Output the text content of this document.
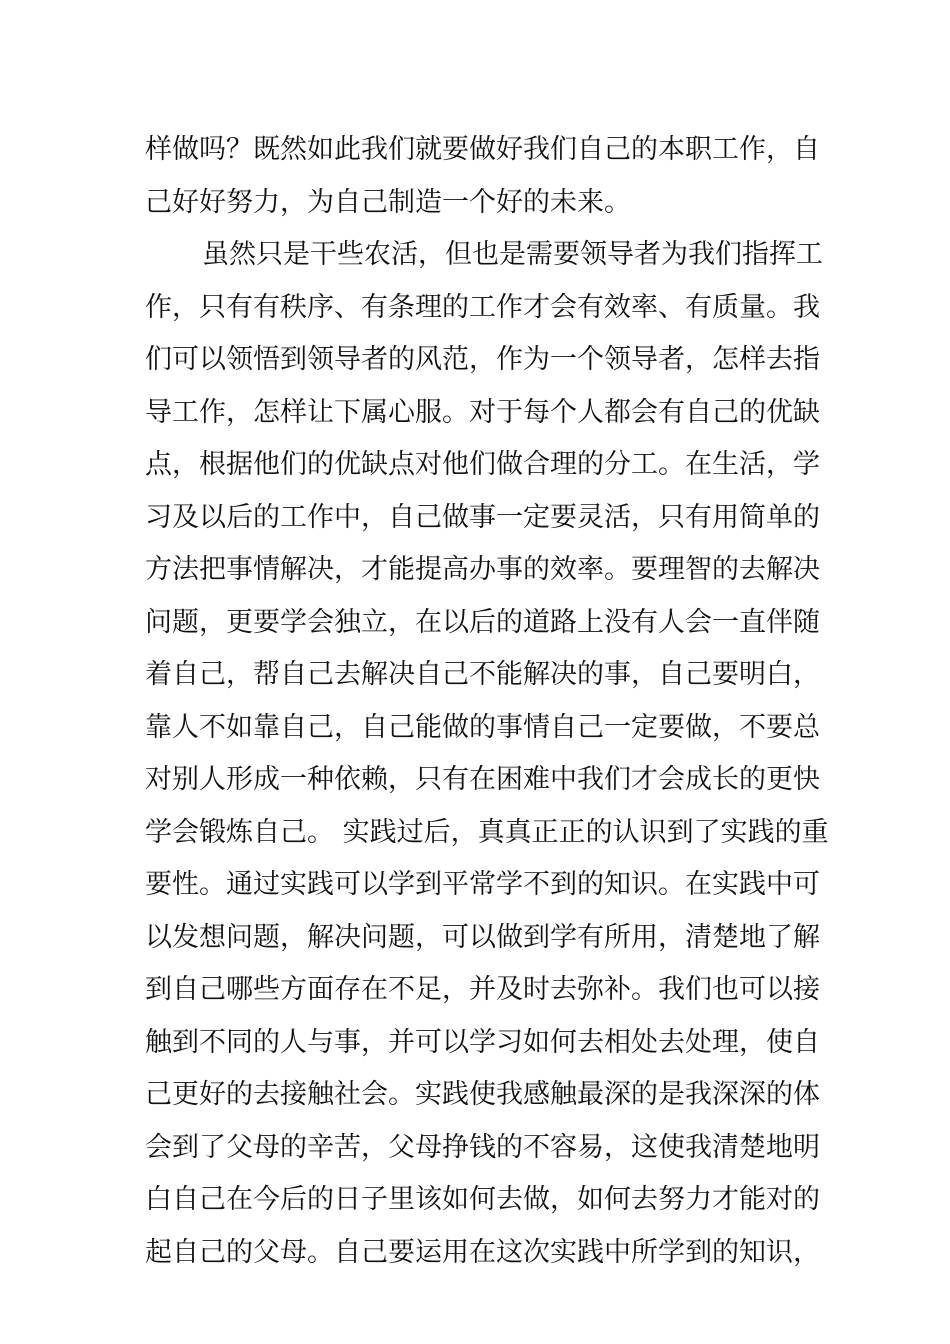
样做吗？既然如此我们就要做好我们自己的本职工作，自
己好好努力，为自己制造一个好的未来。
虽然只是干些农活，但也是需要领导者为我们指挥工
作，只有有秩序、有条理的工作才会有效率、有质量。我
们可以领悟到领导者的风范，作为一个领导者，怎样去指
导工作，怎样让下属心服。对于每个人都会有自己的优缺
点，根据他们的优缺点对他们做合理的分工。在生活，学
习及以后的工作中，自己做事一定要灵活，只有用简单的
方法把事情解决，才能提高办事的效率。要理智的去解决
问题，更要学会独立，在以后的道路上没有人会一直伴随
着自己，帮自己去解决自己不能解决的事，自己要明白，
靠人不如靠自己，自己能做的事情自己一定要做，不要总
对别人形成一种依赖，只有在困难中我们才会成长的更快
学会锻炼自己。 实践过后，真真正正的认识到了实践的重
要性。通过实践可以学到平常学不到的知识。在实践中可
以发想问题，解决问题，可以做到学有所用，清楚地了解
到自己哪些方面存在不足，并及时去弥补。我们也可以接
触到不同的人与事，并可以学习如何去相处去处理，使自
己更好的去接触社会。实践使我感触最深的是我深深的体
会到了父母的辛苦，父母挣钱的不容易，这使我清楚地明
白自己在今后的日子里该如何去做，如何去努力才能对的
起自己的父母。自己要运用在这次实践中所学到的知识，
